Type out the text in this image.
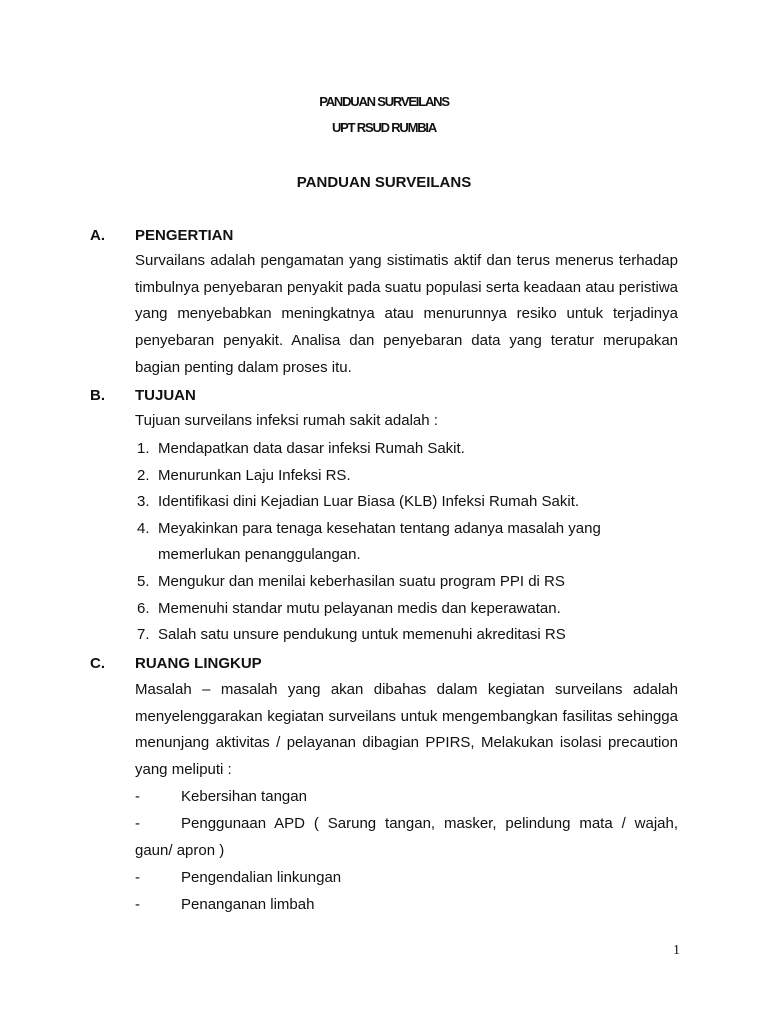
PANDUAN SURVEILANS
UPT RSUD RUMBIA
PANDUAN SURVEILANS
A. PENGERTIAN
Survailans adalah pengamatan yang sistimatis aktif dan terus menerus terhadap timbulnya penyebaran penyakit pada suatu populasi serta keadaan atau peristiwa yang menyebabkan meningkatnya atau menurunnya resiko untuk terjadinya penyebaran penyakit. Analisa dan penyebaran data yang teratur merupakan bagian penting dalam proses itu.
B. TUJUAN
Tujuan surveilans infeksi rumah sakit adalah :
1. Mendapatkan data dasar infeksi Rumah Sakit.
2. Menurunkan Laju Infeksi RS.
3. Identifikasi dini Kejadian Luar Biasa (KLB) Infeksi Rumah Sakit.
4. Meyakinkan para tenaga kesehatan tentang adanya masalah yang memerlukan penanggulangan.
5. Mengukur dan menilai keberhasilan suatu program PPI di RS
6. Memenuhi standar mutu pelayanan medis dan keperawatan.
7. Salah satu unsure pendukung untuk memenuhi akreditasi RS
C. RUANG LINGKUP
Masalah – masalah yang akan dibahas dalam kegiatan surveilans adalah menyelenggarakan kegiatan surveilans untuk mengembangkan fasilitas sehingga menunjang aktivitas / pelayanan dibagian PPIRS, Melakukan isolasi precaution yang meliputi :
-	Kebersihan tangan
-	Penggunaan APD ( Sarung tangan, masker, pelindung mata / wajah,
gaun/ apron )
-	Pengendalian linkungan
-	Penanganan limbah
1
